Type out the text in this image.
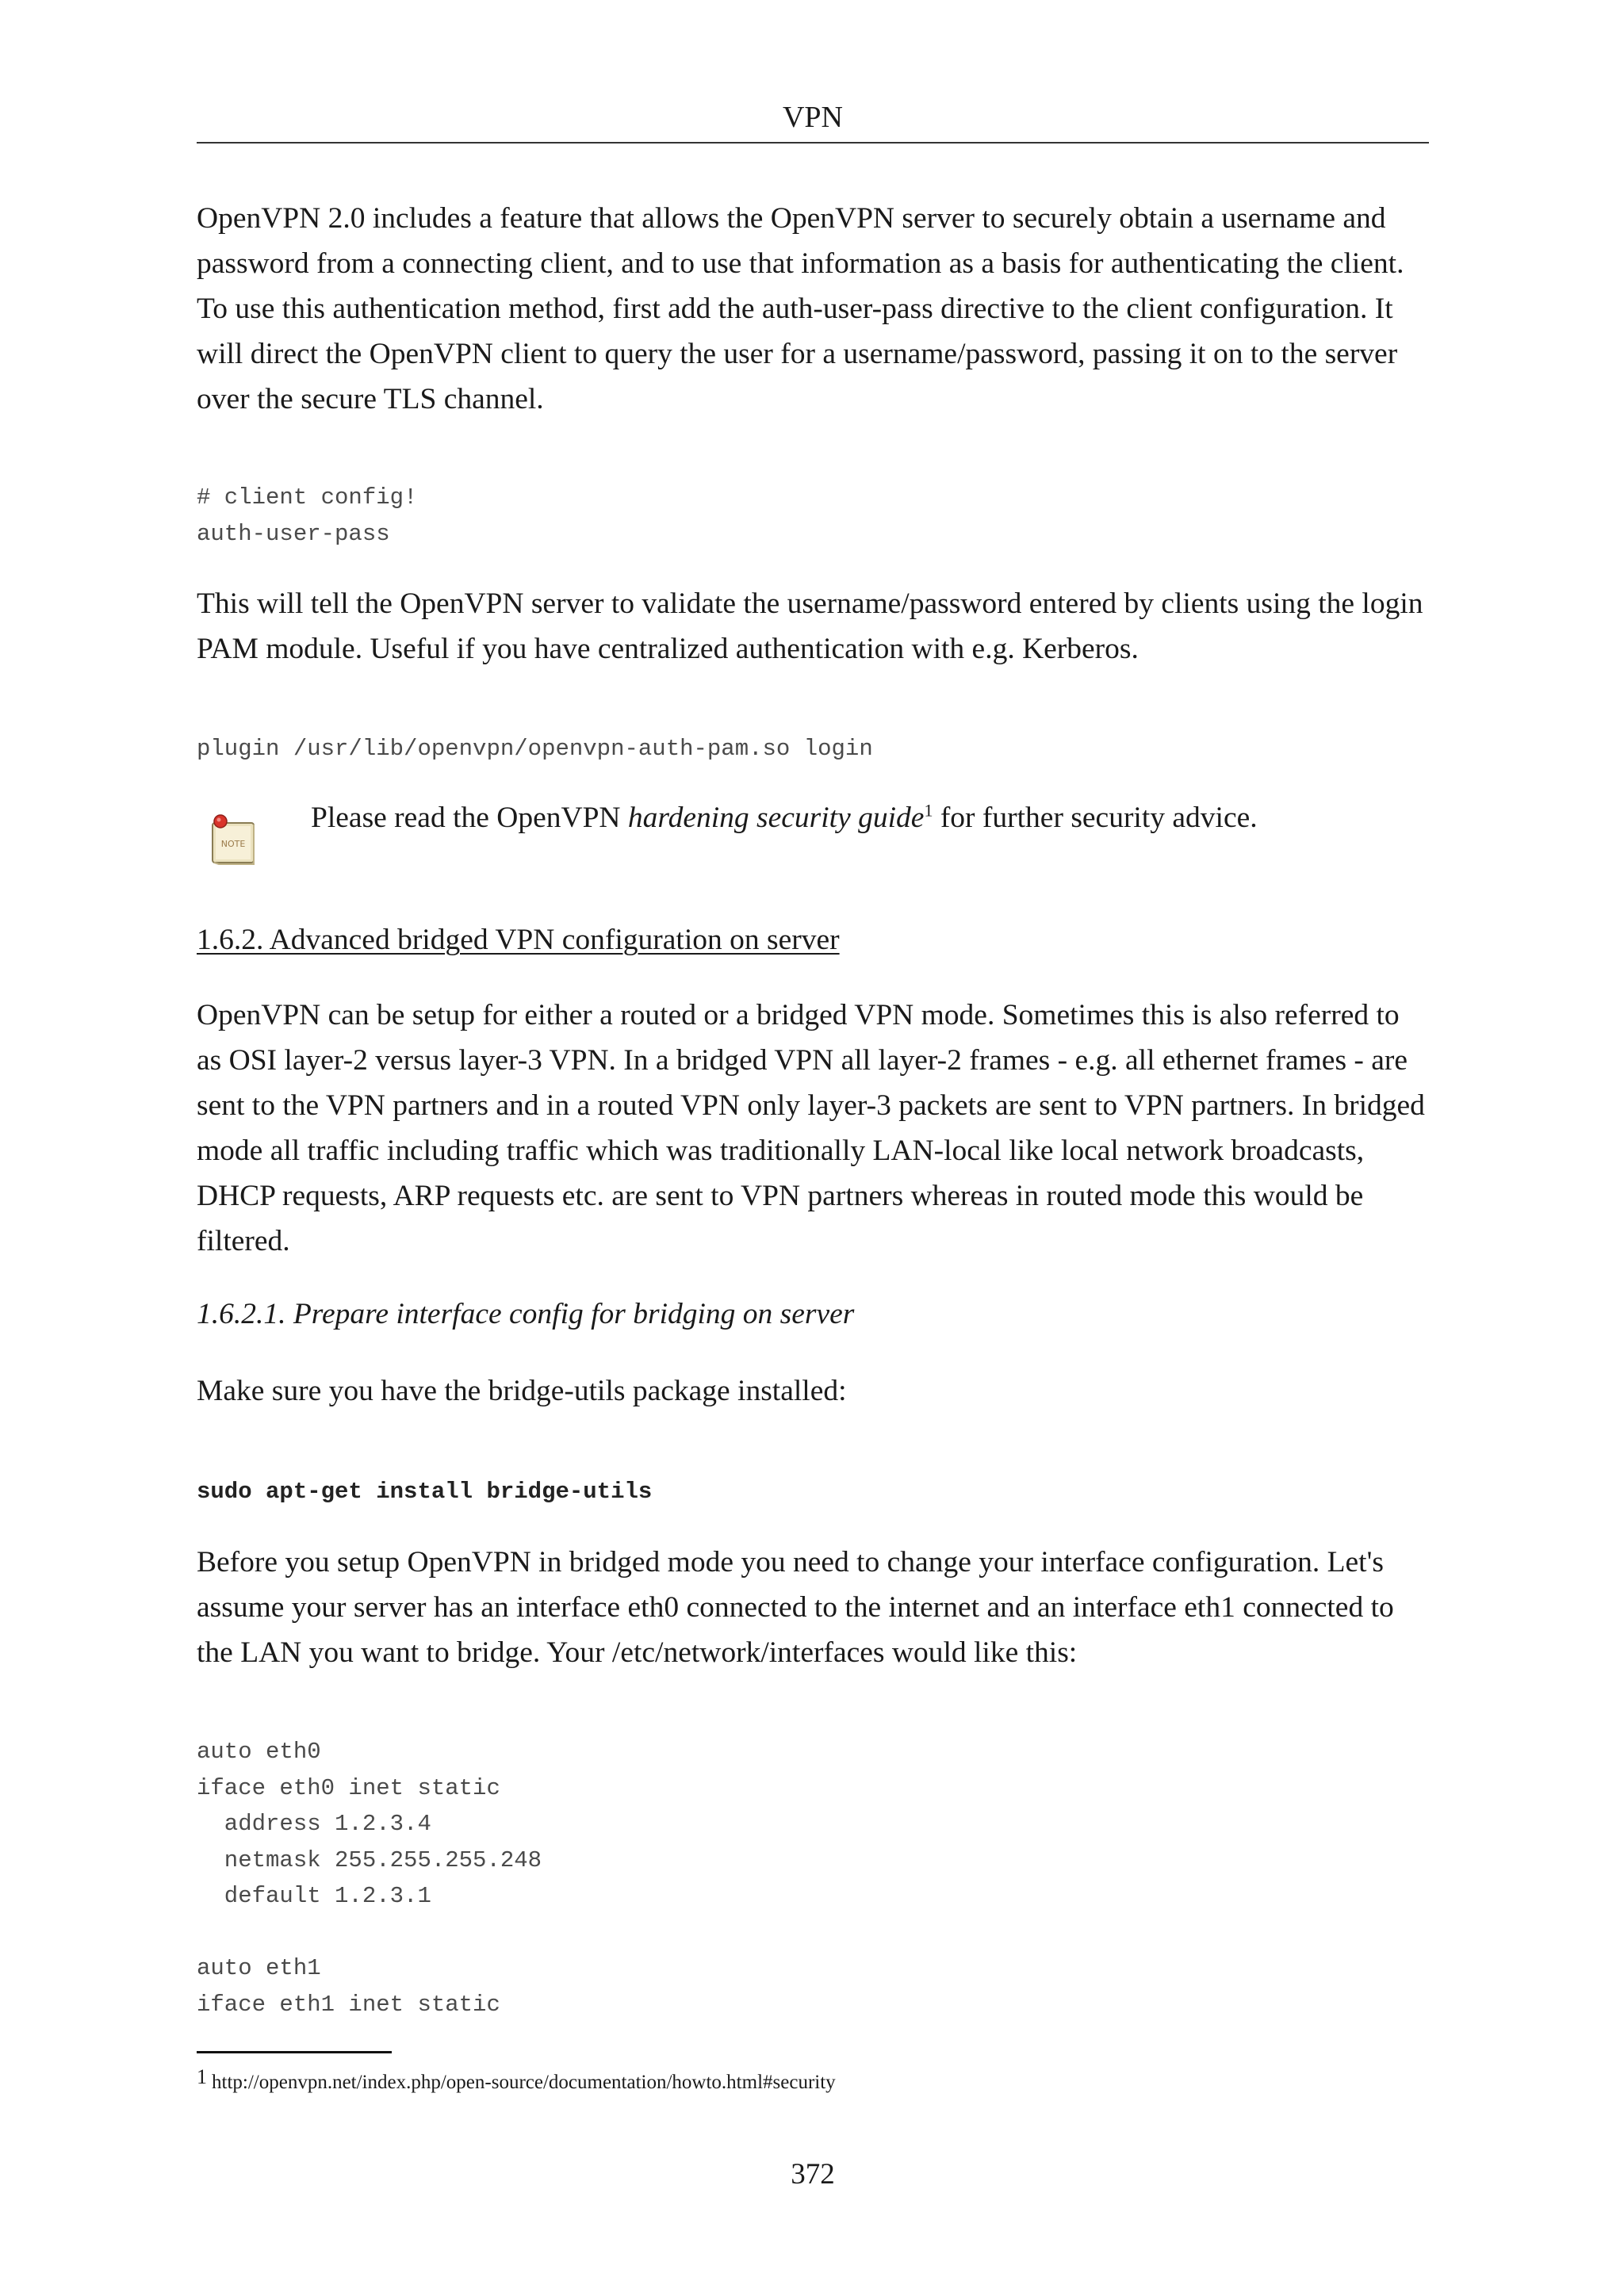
VPN

OpenVPN 2.0 includes a feature that allows the OpenVPN server to securely obtain a username and password from a connecting client, and to use that information as a basis for authenticating the client. To use this authentication method, first add the auth-user-pass directive to the client configuration. It will direct the OpenVPN client to query the user for a username/password, passing it on to the server over the secure TLS channel.

# client config!
auth-user-pass

This will tell the OpenVPN server to validate the username/password entered by clients using the login PAM module. Useful if you have centralized authentication with e.g. Kerberos.

plugin /usr/lib/openvpn/openvpn-auth-pam.so login
NOTE
Please read the OpenVPN hardening security guide$^1$ for further security advice.
1.6.2. Advanced bridged VPN configuration on server

OpenVPN can be setup for either a routed or a bridged VPN mode. Sometimes this is also referred to as OSI layer-2 versus layer-3 VPN. In a bridged VPN all layer-2 frames - e.g. all ethernet frames - are sent to the VPN partners and in a routed VPN only layer-3 packets are sent to VPN partners. In bridged mode all traffic including traffic which was traditionally LAN-local like local network broadcasts, DHCP requests, ARP requests etc. are sent to VPN partners whereas in routed mode this would be filtered.

1.6.2.1. Prepare interface config for bridging on server

Make sure you have the bridge-utils package installed:

sudo apt-get install bridge-utils

Before you setup OpenVPN in bridged mode you need to change your interface configuration. Let's assume your server has an interface eth0 connected to the internet and an interface eth1 connected to the LAN you want to bridge. Your /etc/network/interfaces would like this:

auto eth0
iface eth0 inet static
address 1.2.3.4
netmask 255.255.255.248
default 1.2.3.1

auto eth1
iface eth1 inet static
1 http://openvpn.net/index.php/open-source/documentation/howto.html#security
372
